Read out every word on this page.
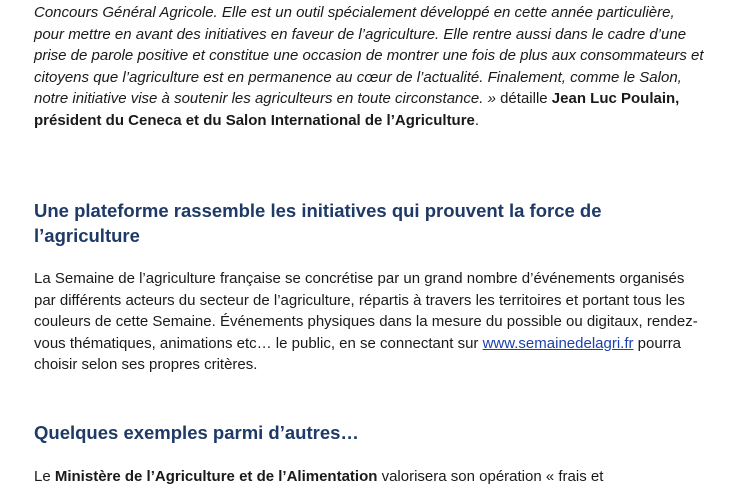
Concours Général Agricole. Elle est un outil spécialement développé en cette année particulière, pour mettre en avant des initiatives en faveur de l’agriculture. Elle rentre aussi dans le cadre d’une prise de parole positive et constitue une occasion de montrer une fois de plus aux consommateurs et citoyens que l’agriculture est en permanence au cœur de l’actualité. Finalement, comme le Salon, notre initiative vise à soutenir les agriculteurs en toute circonstance. » détaille Jean Luc Poulain, président du Ceneca et du Salon International de l’Agriculture.

Une plateforme rassemble les initiatives qui prouvent la force de l’agriculture

La Semaine de l’agriculture française se concrétise par un grand nombre d’événements organisés par différents acteurs du secteur de l’agriculture, répartis à travers les territoires et portant tous les couleurs de cette Semaine. Événements physiques dans la mesure du possible ou digitaux, rendez-vous thématiques, animations etc… le public, en se connectant sur www.semainedelagri.fr pourra choisir selon ses propres critères.

Quelques exemples parmi d’autres…

Le Ministère de l’Agriculture et de l’Alimentation valorisera son opération « frais et
